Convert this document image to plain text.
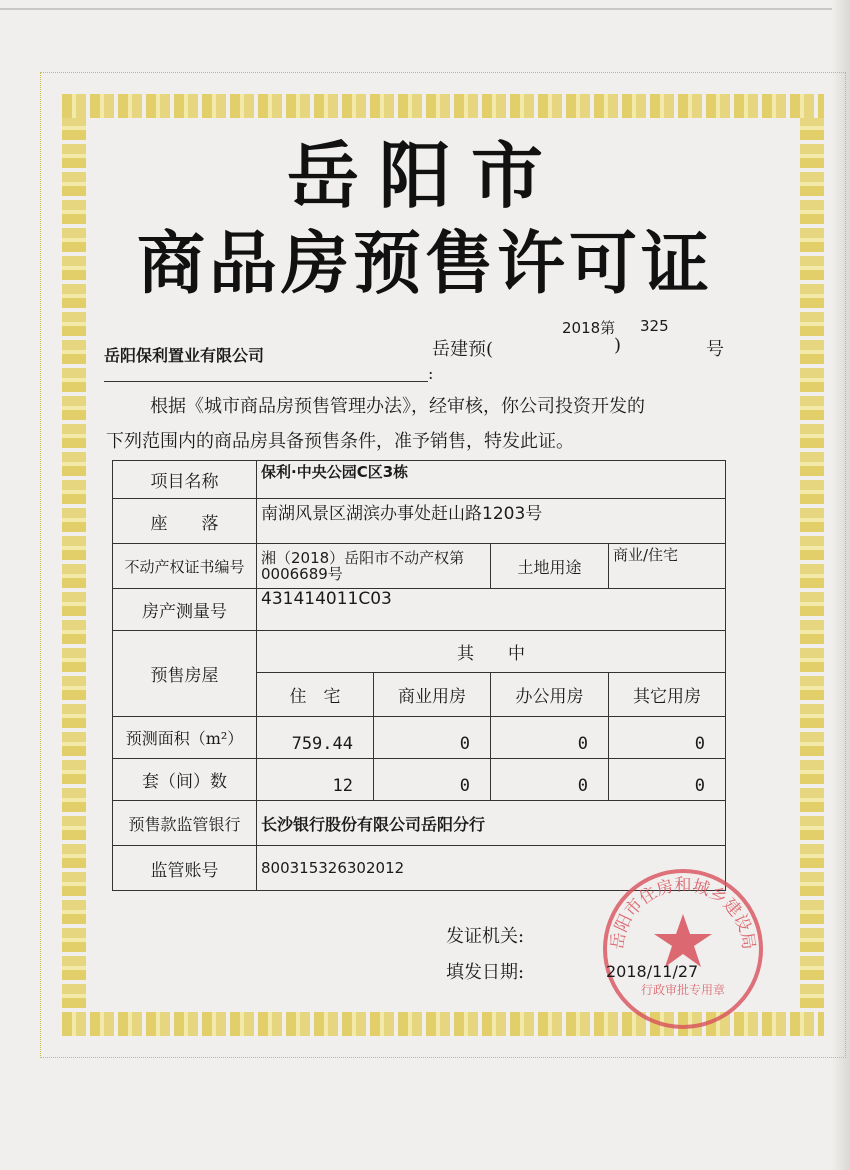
岳阳市
商品房预售许可证
岳阳保利置业有限公司
:
岳建预(
2018第 325
)	号
根据《城市商品房预售管理办法》，经审核，你公司投资开发的
下列范围内的商品房具备预售条件，准予销售，特发此证。
项目名称	保利·中央公园C区3栋			
座　　落	南湖风景区湖滨办事处赶山路1203号			
不动产权证书编号	湘（2018）岳阳市不动产权第0006689号		土地用途	商业/住宅
房产测量号	431414011C03			
预售房屋	其　　中			
	住　宅	商业用房	办公用房	其它用房
预测面积（m²）	759.44	0	0	0
套（间）数	12	0	0	0
预售款监管银行	长沙银行股份有限公司岳阳分行			
监管账号	800315326302012			
发证机关:
填发日期:
岳阳市住房和城乡建设局
行政审批专用章
2018/11/27
